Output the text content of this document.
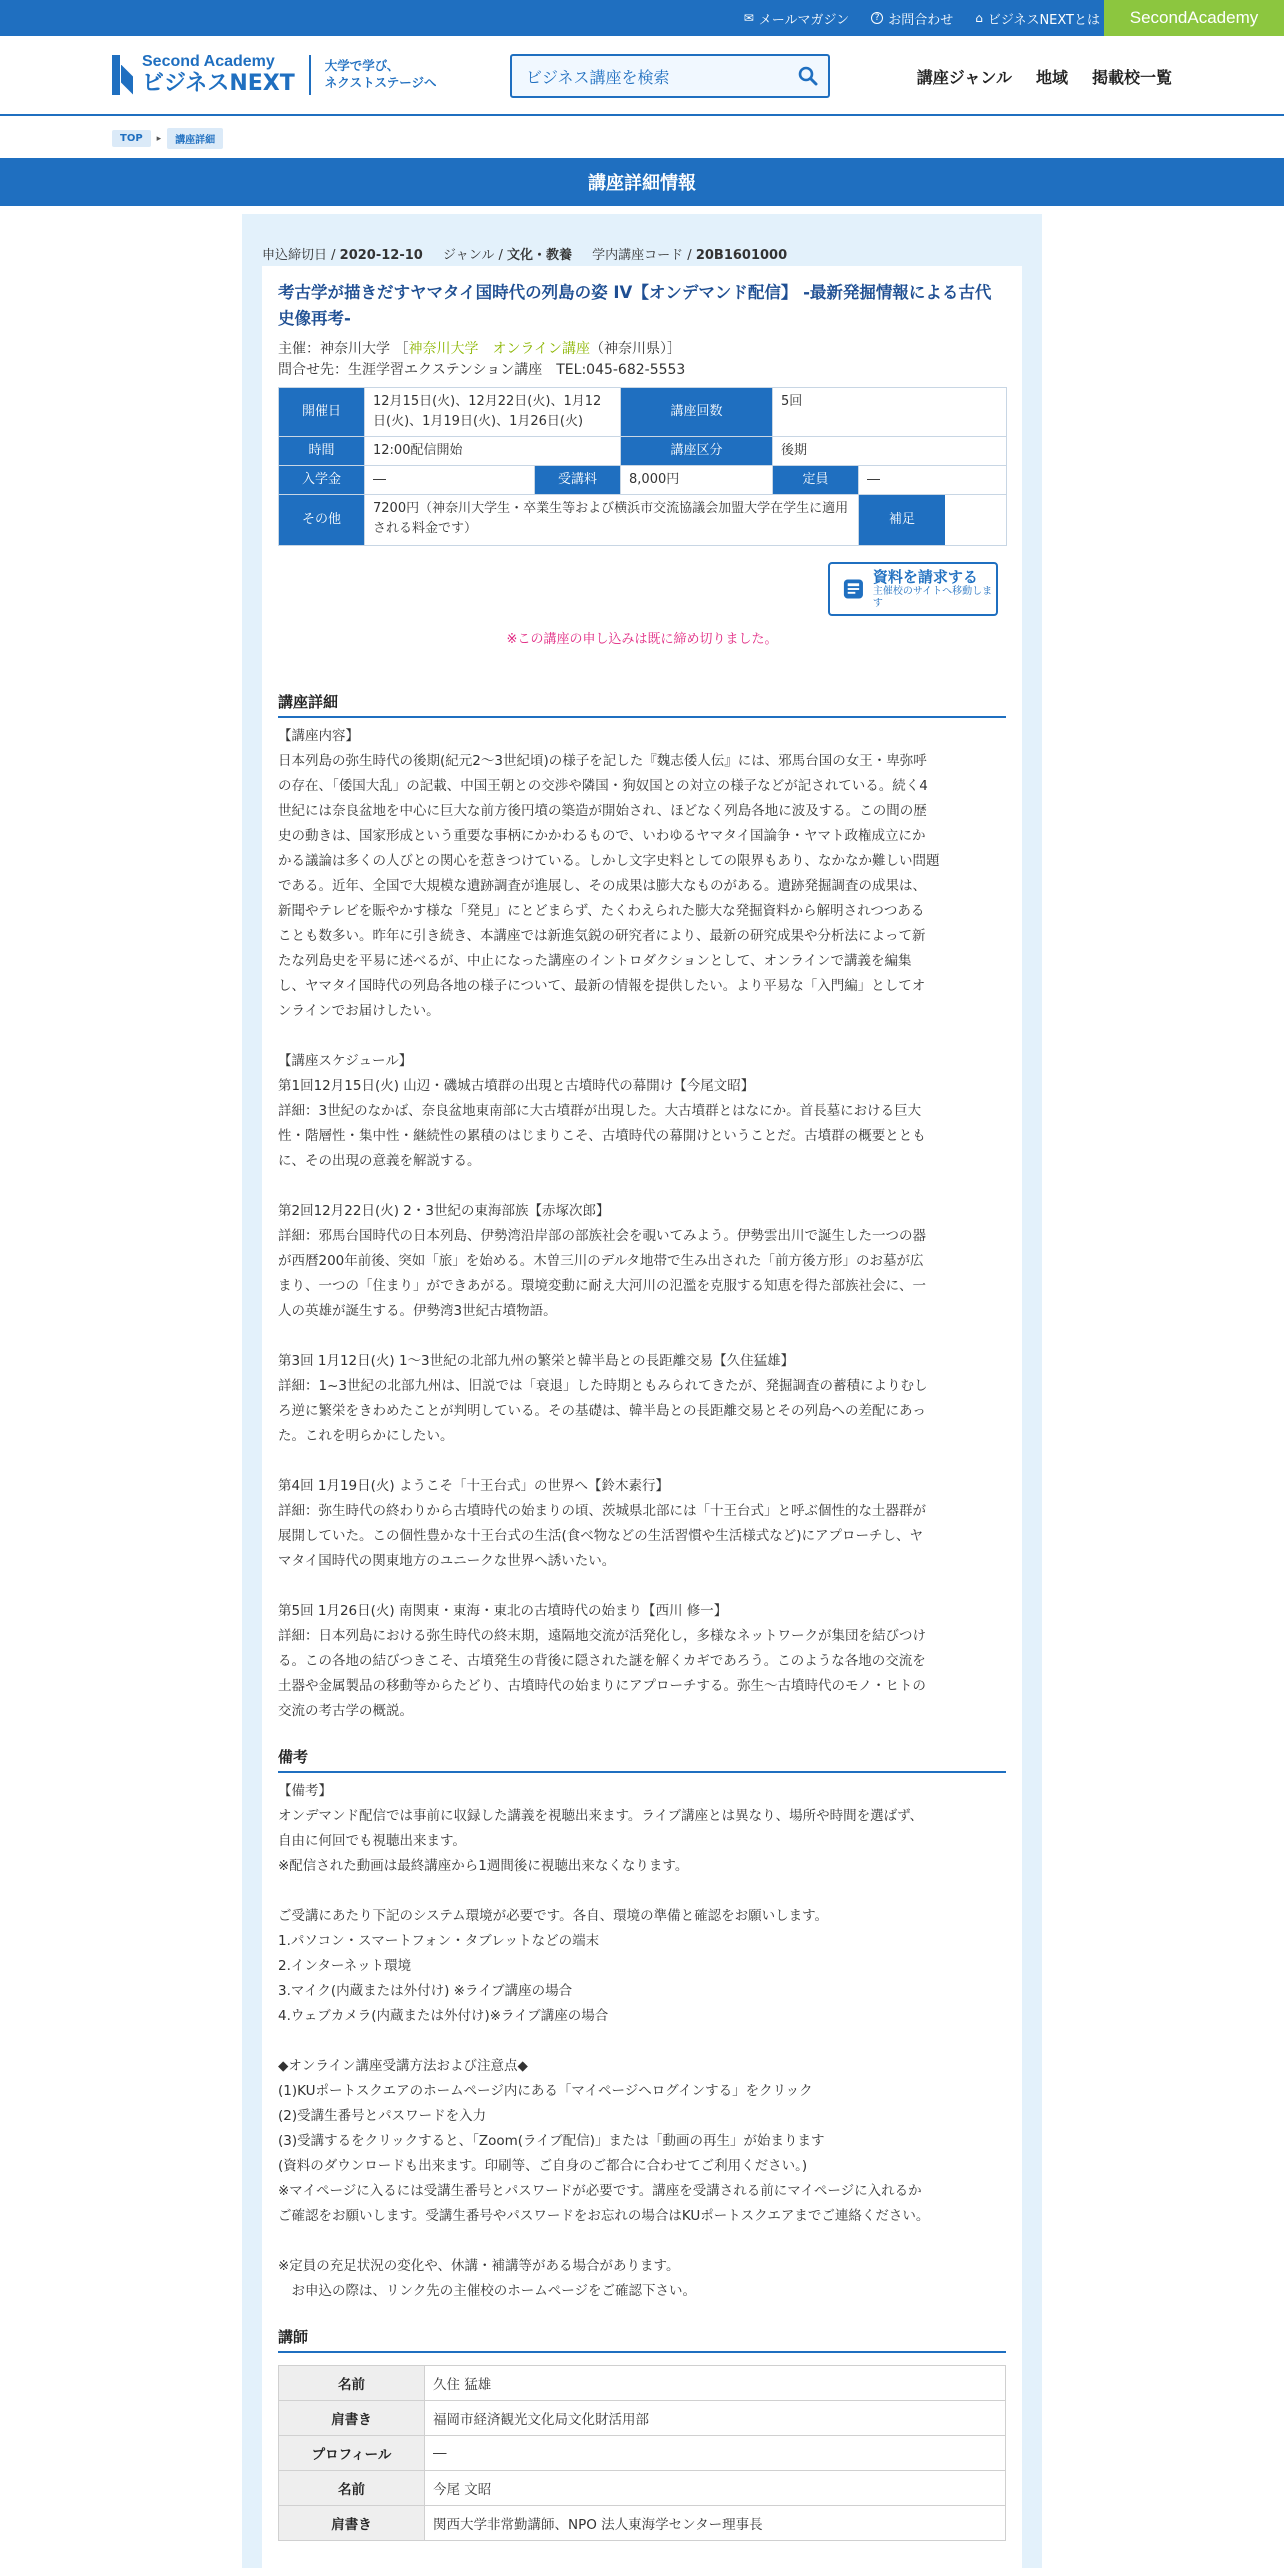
✉ メールマガジン	? お問合わせ ⌂ ビジネスNEXTとは	SecondAcademy
Second Academy
ビジネスNEXT
大学で学び、
ネクストステージへ	ビジネス講座を検索	講座ジャンル 地域 掲載校一覧
TOP	▸	講座詳細
講座詳細情報
申込締切日 / 2020-12-10 ジャンル / 文化・教養 学内講座コード / 20B1601000
考古学が描きだすヤマタイ国時代の列島の姿 IV【オンデマンド配信】 -最新発掘情報による古代史像再考-
主催：神奈川大学 ［神奈川大学　オンライン講座（神奈川県）］
問合せ先：生涯学習エクステンション講座　TEL:045-682-5553
開催日	12月15日(火)、12月22日(火)、1月12日(火)、1月19日(火)、1月26日(火)		講座回数	5回	
時間	12:00配信開始		講座区分	後期	
入学金	―	受講料	8,000円	定員	―
その他	7200円（神奈川大学生・卒業生等および横浜市交流協議会加盟大学在学生に適用される料金です）				補足
資料を請求する
主催校のサイトへ移動します
※この講座の申し込みは既に締め切りました。
講座詳細
【講座内容】
日本列島の弥生時代の後期(紀元2～3世紀頃)の様子を記した『魏志倭人伝』には、邪馬台国の女王・卑弥呼
の存在、「倭国大乱」の記載、中国王朝との交渉や隣国・狗奴国との対立の様子などが記されている。続く4
世紀には奈良盆地を中心に巨大な前方後円墳の築造が開始され、ほどなく列島各地に波及する。この間の歴
史の動きは、国家形成という重要な事柄にかかわるもので、いわゆるヤマタイ国論争・ヤマト政権成立にか
かる議論は多くの人びとの関心を惹きつけている。しかし文字史料としての限界もあり、なかなか難しい問題
である。近年、全国で大規模な遺跡調査が進展し、その成果は膨大なものがある。遺跡発掘調査の成果は、
新聞やテレビを賑やかす様な「発見」にとどまらず、たくわえられた膨大な発掘資料から解明されつつある
ことも数多い。昨年に引き続き、本講座では新進気鋭の研究者により、最新の研究成果や分析法によって新
たな列島史を平易に述べるが、中止になった講座のイントロダクションとして、オンラインで講義を編集
し、ヤマタイ国時代の列島各地の様子について、最新の情報を提供したい。より平易な「入門編」としてオ
ンラインでお届けしたい。

【講座スケジュール】
第1回12月15日(火) 山辺・磯城古墳群の出現と古墳時代の幕開け【今尾文昭】
詳細：3世紀のなかば、奈良盆地東南部に大古墳群が出現した。大古墳群とはなにか。首長墓における巨大
性・階層性・集中性・継続性の累積のはじまりこそ、古墳時代の幕開けということだ。古墳群の概要ととも
に、その出現の意義を解説する。

第2回12月22日(火) 2・3世紀の東海部族【赤塚次郎】
詳細：邪馬台国時代の日本列島、伊勢湾沿岸部の部族社会を覗いてみよう。伊勢雲出川で誕生した一つの器
が西暦200年前後、突如「旅」を始める。木曽三川のデルタ地帯で生み出された「前方後方形」のお墓が広
まり、一つの「住まり」ができあがる。環境変動に耐え大河川の氾濫を克服する知恵を得た部族社会に、一
人の英雄が誕生する。伊勢湾3世紀古墳物語。

第3回 1月12日(火) 1～3世紀の北部九州の繁栄と韓半島との長距離交易【久住猛雄】
詳細：1~3世紀の北部九州は、旧説では「衰退」した時期ともみられてきたが、発掘調査の蓄積によりむし
ろ逆に繁栄をきわめたことが判明している。その基礎は、韓半島との長距離交易とその列島への差配にあっ
た。これを明らかにしたい。

第4回 1月19日(火) ようこそ「十王台式」の世界へ【鈴木素行】
詳細：弥生時代の終わりから古墳時代の始まりの頃、茨城県北部には「十王台式」と呼ぶ個性的な土器群が
展開していた。この個性豊かな十王台式の生活(食べ物などの生活習慣や生活様式など)にアプローチし、ヤ
マタイ国時代の関東地方のユニークな世界へ誘いたい。

第5回 1月26日(火) 南関東・東海・東北の古墳時代の始まり【西川 修一】
詳細：日本列島における弥生時代の終末期，遠隔地交流が活発化し，多様なネットワークが集団を結びつけ
る。この各地の結びつきこそ、古墳発生の背後に隠された謎を解くカギであろう。このような各地の交流を
土器や金属製品の移動等からたどり、古墳時代の始まりにアプローチする。弥生～古墳時代のモノ・ヒトの
交流の考古学の概説。
備考
【備考】
オンデマンド配信では事前に収録した講義を視聴出来ます。ライブ講座とは異なり、場所や時間を選ばず、
自由に何回でも視聴出来ます。
※配信された動画は最終講座から1週間後に視聴出来なくなります。

ご受講にあたり下記のシステム環境が必要です。各自、環境の準備と確認をお願いします。
1.パソコン・スマートフォン・タブレットなどの端末
2.インターネット環境
3.マイク(内蔵または外付け) ※ライブ講座の場合
4.ウェブカメラ(内蔵または外付け)※ライブ講座の場合

◆オンライン講座受講方法および注意点◆
(1)KUポートスクエアのホームページ内にある「マイページへログインする」をクリック
(2)受講生番号とパスワードを入力
(3)受講するをクリックすると、「Zoom(ライブ配信)」または「動画の再生」が始まります
(資料のダウンロードも出来ます。印刷等、ご自身のご都合に合わせてご利用ください。)
※マイページに入るには受講生番号とパスワードが必要です。講座を受講される前にマイページに入れるか
ご確認をお願いします。受講生番号やパスワードをお忘れの場合はKUポートスクエアまでご連絡ください。

※定員の充足状況の変化や、休講・補講等がある場合があります。
　お申込の際は、リンク先の主催校のホームページをご確認下さい。
講師
名前	久住 猛雄
肩書き	福岡市経済観光文化局文化財活用部
プロフィール	―
名前	今尾 文昭
肩書き	関西大学非常勤講師、NPO 法人東海学センター理事長
